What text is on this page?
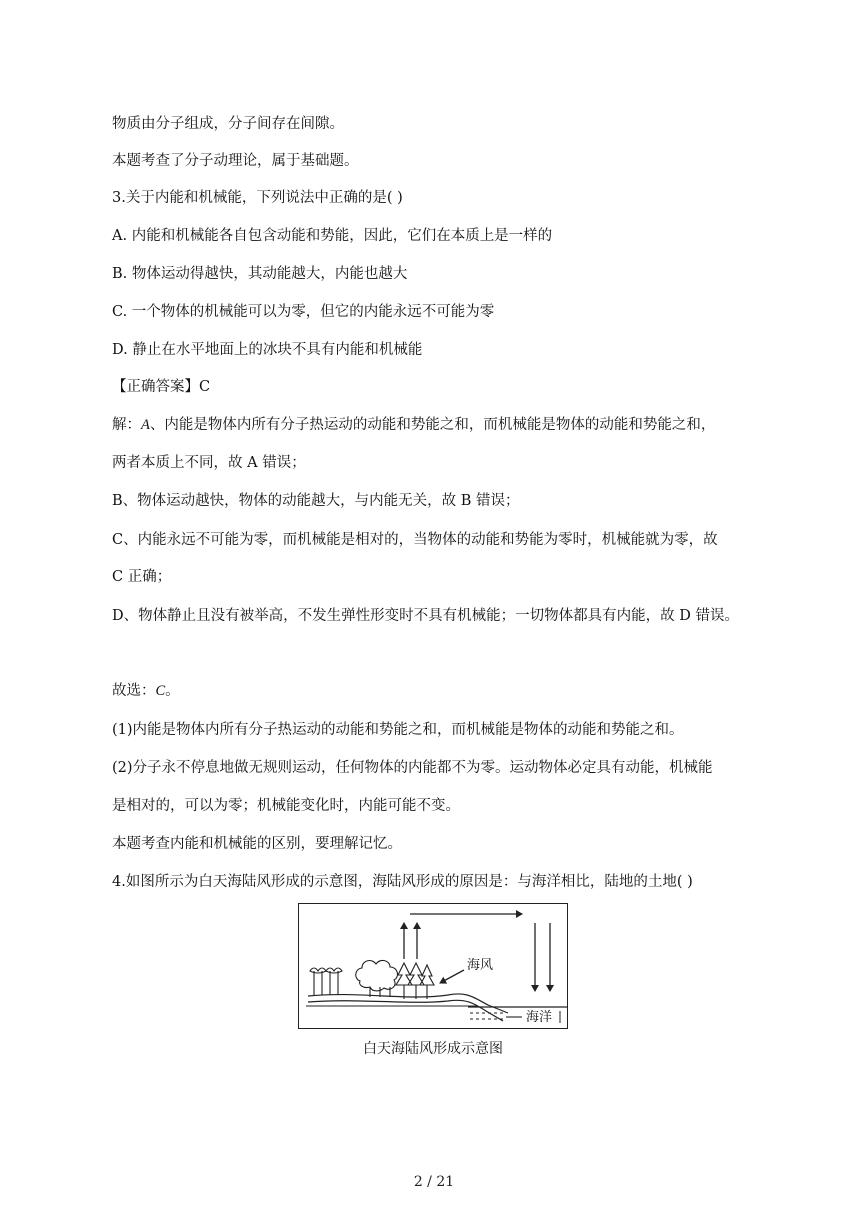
物质由分子组成，分子间存在间隙。
本题考查了分子动理论，属于基础题。
3.关于内能和机械能，下列说法中正确的是( )
A. 内能和机械能各自包含动能和势能，因此，它们在本质上是一样的
B. 物体运动得越快，其动能越大，内能也越大
C. 一个物体的机械能可以为零，但它的内能永远不可能为零
D. 静止在水平地面上的冰块不具有内能和机械能
【正确答案】C
解：A、内能是物体内所有分子热运动的动能和势能之和，而机械能是物体的动能和势能之和，
两者本质上不同，故 A 错误；
B、物体运动越快，物体的动能越大，与内能无关，故 B 错误；
C、内能永远不可能为零，而机械能是相对的，当物体的动能和势能为零时，机械能就为零，故
C 正确；
D、物体静止且没有被举高，不发生弹性形变时不具有机械能；一切物体都具有内能，故 D 错误。
故选：C。
(1)内能是物体内所有分子热运动的动能和势能之和，而机械能是物体的动能和势能之和。
(2)分子永不停息地做无规则运动，任何物体的内能都不为零。运动物体必定具有动能，机械能
是相对的，可以为零；机械能变化时，内能可能不变。
本题考查内能和机械能的区别，要理解记忆。
4.如图所示为白天海陆风形成的示意图，海陆风形成的原因是：与海洋相比，陆地的土地( )
海风
海洋
白天海陆风形成示意图
2 / 21
